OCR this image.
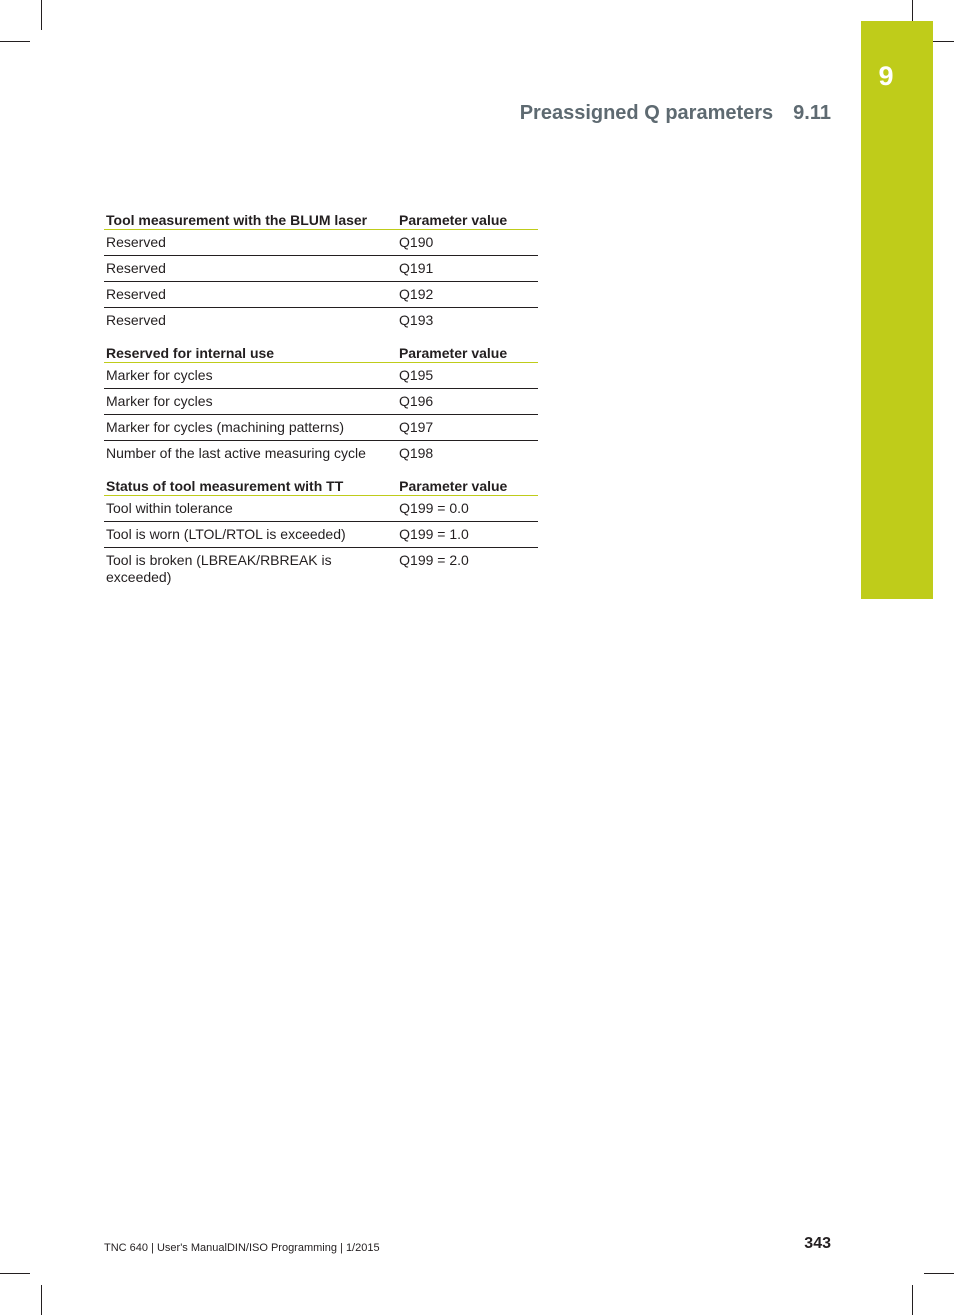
9
Preassigned Q parameters 9.11
Tool measurement with the BLUM laser	Parameter value
Reserved	Q190
Reserved	Q191
Reserved	Q192
Reserved	Q193
Reserved for internal use	Parameter value
Marker for cycles	Q195
Marker for cycles	Q196
Marker for cycles (machining patterns)	Q197
Number of the last active measuring cycle	Q198
Status of tool measurement with TT	Parameter value
Tool within tolerance	Q199 = 0.0
Tool is worn (LTOL/RTOL is exceeded)	Q199 = 1.0
Tool is broken (LBREAK/RBREAK is exceeded)	Q199 = 2.0
TNC 640 | User's ManualDIN/ISO Programming | 1/2015	343
